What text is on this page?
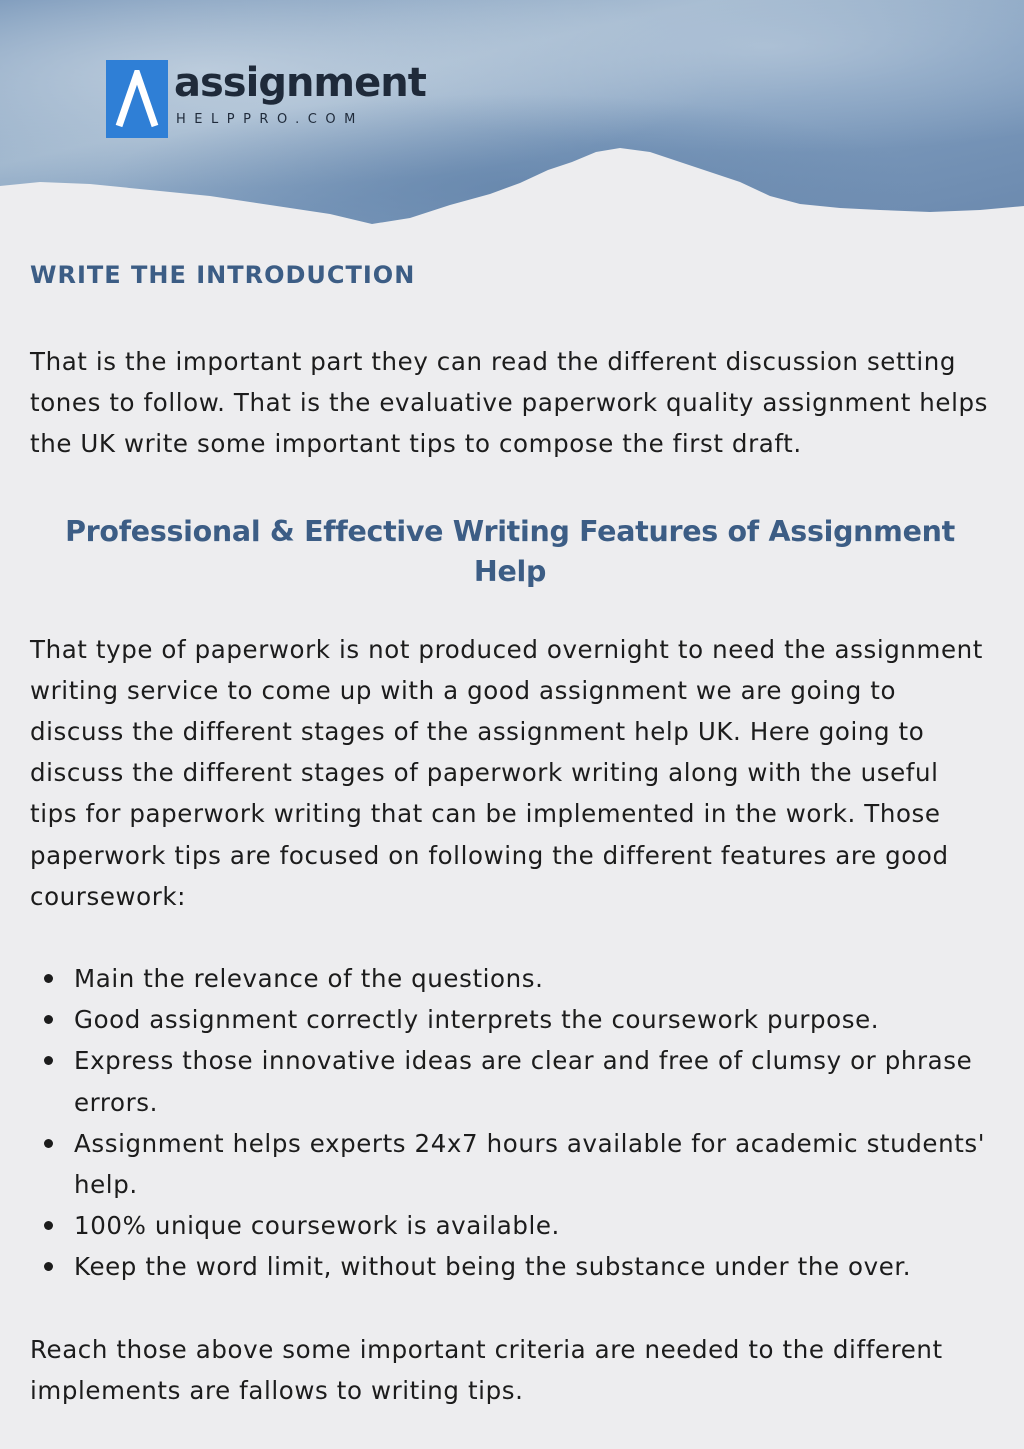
assignment
HELPPRO.COM
WRITE THE INTRODUCTION

That is the important part they can read the different discussion setting tones to follow. That is the evaluative paperwork quality assignment helps the UK write some important tips to compose the first draft.

Professional & Effective Writing Features of Assignment Help

That type of paperwork is not produced overnight to need the assignment writing service to come up with a good assignment we are going to discuss the different stages of the assignment help UK. Here going to discuss the different stages of paperwork writing along with the useful tips for paperwork writing that can be implemented in the work. Those paperwork tips are focused on following the different features are good coursework:

Main the relevance of the questions.
Good assignment correctly interprets the coursework purpose.
Express those innovative ideas are clear and free of clumsy or phrase errors.
Assignment helps experts 24x7 hours available for academic students' help.
100% unique coursework is available.
Keep the word limit, without being the substance under the over.

Reach those above some important criteria are needed to the different implements are fallows to writing tips.
